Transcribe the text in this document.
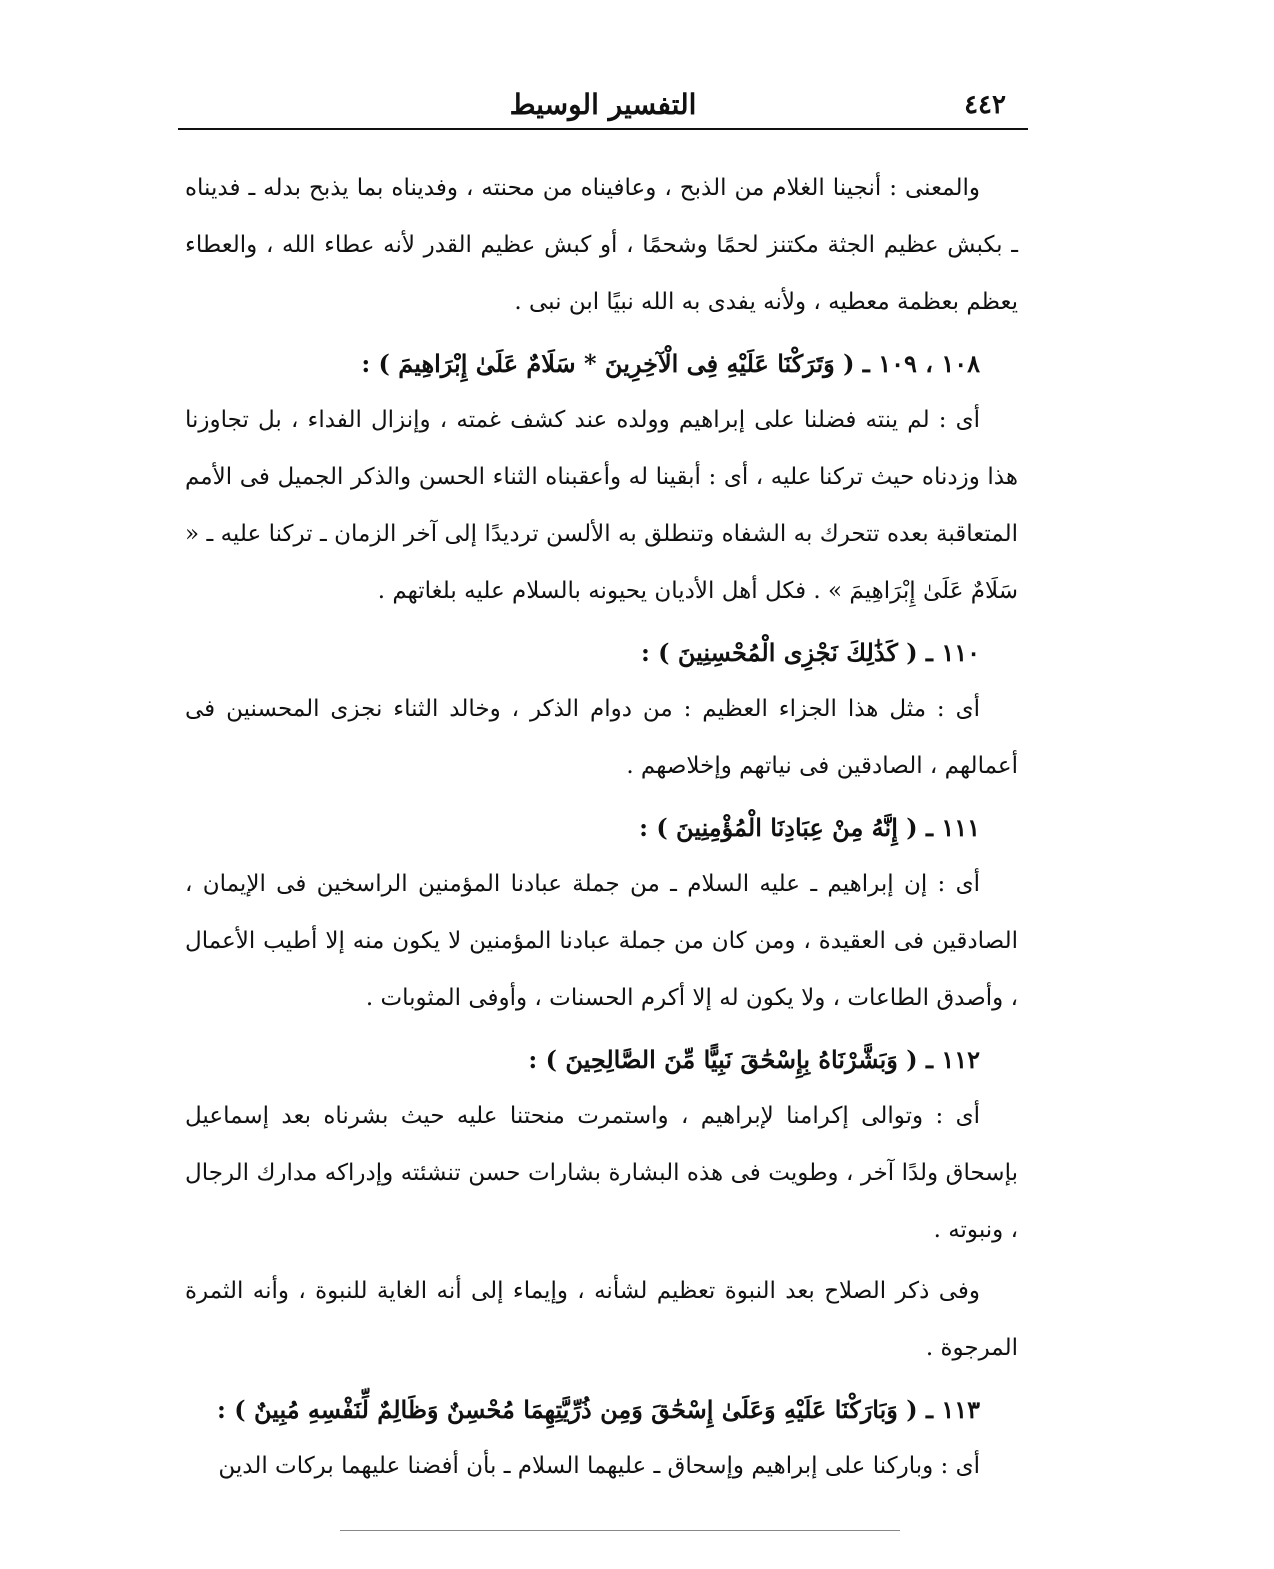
٤٤٢
التفسير الوسيط

والمعنى : أنجينا الغلام من الذبح ، وعافيناه من محنته ، وفديناه بما يذبح بدله ـ فديناه ـ بكبش عظيم الجثة مكتنز لحمًا وشحمًا ، أو كبش عظيم القدر لأنه عطاء الله ، والعطاء يعظم بعظمة معطيه ، ولأنه يفدى به الله نبيًا ابن نبى .

١٠٨ ، ١٠٩ ـ ( وَتَرَكْنَا عَلَيْهِ فِى الْآخِرِينَ * سَلَامٌ عَلَىٰ إِبْرَاهِيمَ ) :

أى : لم ينته فضلنا على إبراهيم وولده عند كشف غمته ، وإنزال الفداء ، بل تجاوزنا هذا وزدناه حيث تركنا عليه ، أى : أبقينا له وأعقبناه الثناء الحسن والذكر الجميل فى الأمم المتعاقبة بعده تتحرك به الشفاه وتنطلق به الألسن ترديدًا إلى آخر الزمان ـ تركنا عليه ـ « سَلَامٌ عَلَىٰ إِبْرَاهِيمَ » . فكل أهل الأديان يحيونه بالسلام عليه بلغاتهم .

١١٠ ـ ( كَذَٰلِكَ نَجْزِى الْمُحْسِنِينَ ) :

أى : مثل هذا الجزاء العظيم : من دوام الذكر ، وخالد الثناء نجزى المحسنين فى أعمالهم ، الصادقين فى نياتهم وإخلاصهم .

١١١ ـ ( إِنَّهُ مِنْ عِبَادِنَا الْمُؤْمِنِينَ ) :

أى : إن إبراهيم ـ عليه السلام ـ من جملة عبادنا المؤمنين الراسخين فى الإيمان ، الصادقين فى العقيدة ، ومن كان من جملة عبادنا المؤمنين لا يكون منه إلا أطيب الأعمال ، وأصدق الطاعات ، ولا يكون له إلا أكرم الحسنات ، وأوفى المثوبات .

١١٢ ـ ( وَبَشَّرْنَاهُ بِإِسْحَٰقَ نَبِيًّا مِّنَ الصَّالِحِينَ ) :

أى : وتوالى إكرامنا لإبراهيم ، واستمرت منحتنا عليه حيث بشرناه بعد إسماعيل بإسحاق ولدًا آخر ، وطويت فى هذه البشارة بشارات حسن تنشئته وإدراكه مدارك الرجال ، ونبوته .

وفى ذكر الصلاح بعد النبوة تعظيم لشأنه ، وإيماء إلى أنه الغاية للنبوة ، وأنه الثمرة المرجوة .

١١٣ ـ ( وَبَارَكْنَا عَلَيْهِ وَعَلَىٰ إِسْحَٰقَ وَمِن ذُرِّيَّتِهِمَا مُحْسِنٌ وَظَالِمٌ لِّنَفْسِهِ مُبِينٌ ) :

أى : وباركنا على إبراهيم وإسحاق ـ عليهما السلام ـ بأن أفضنا عليهما بركات الدين
